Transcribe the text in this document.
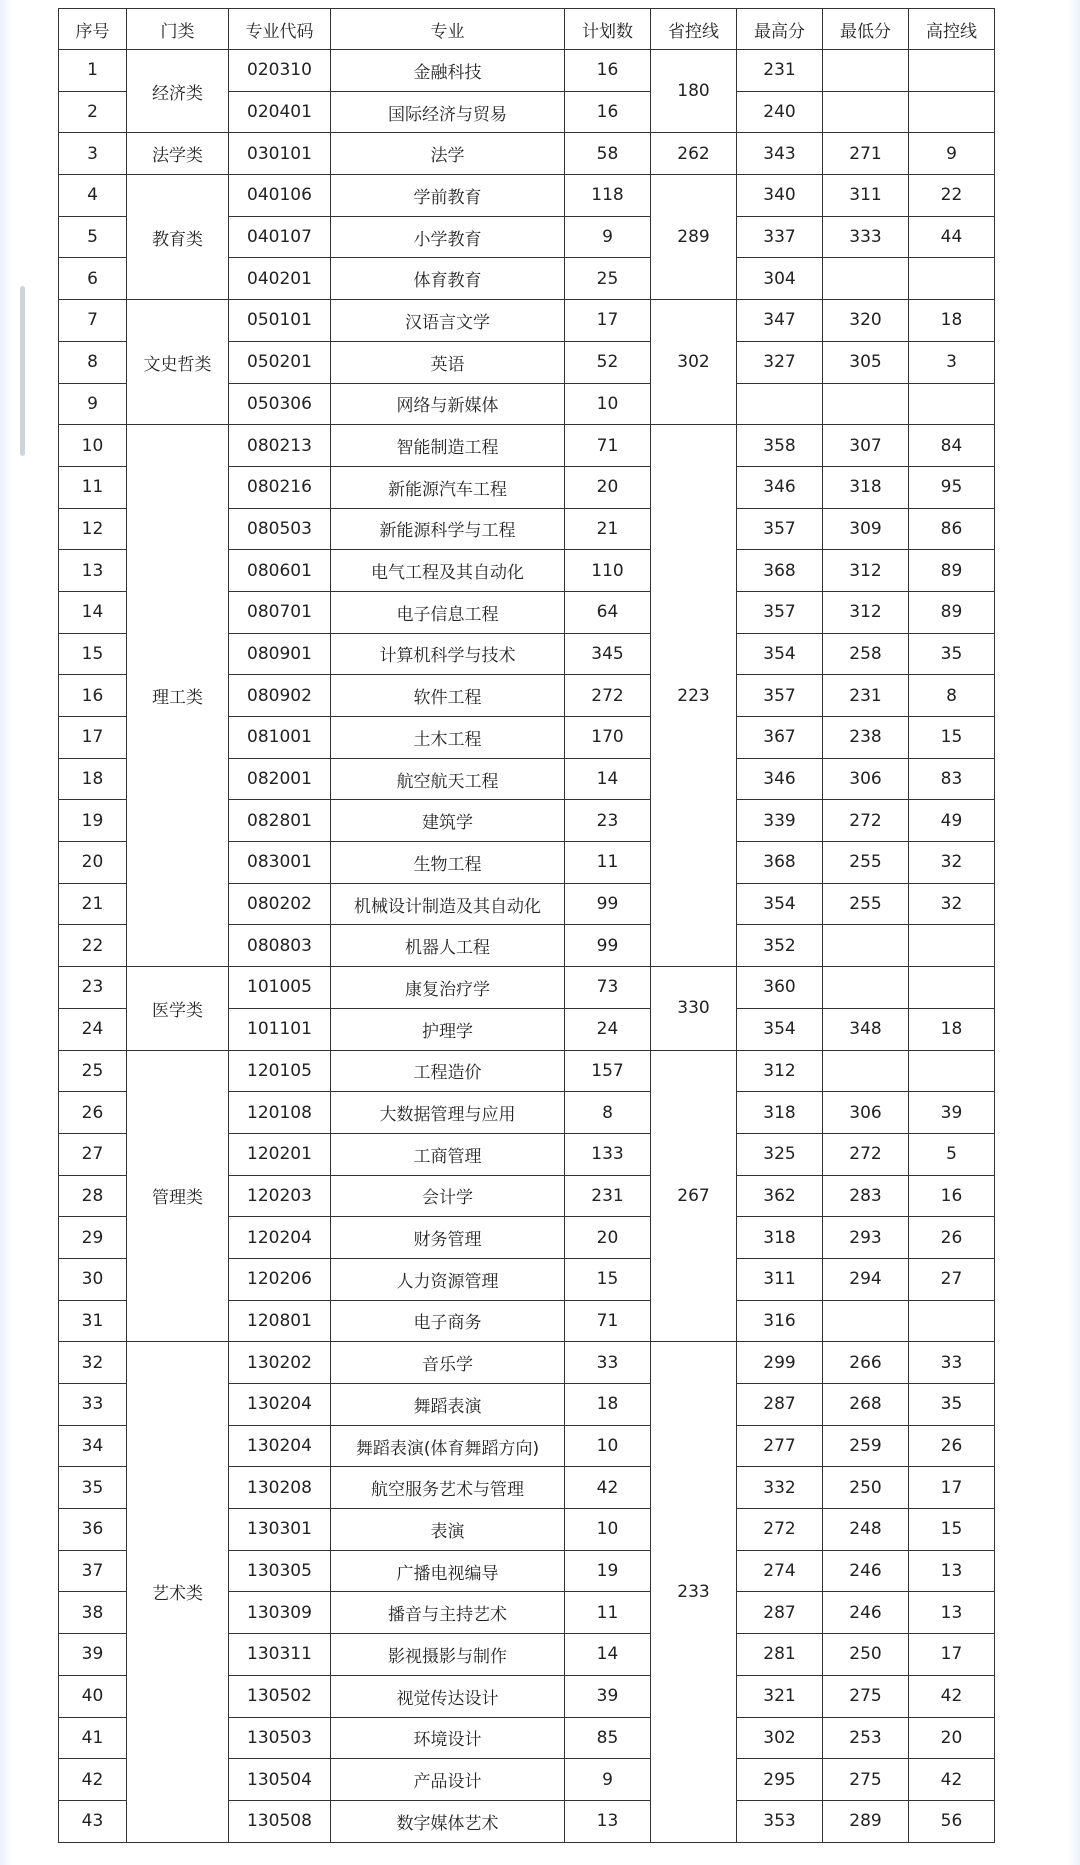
序号	门类	专业代码	专业	计划数	省控线	最高分	最低分	高控线
1	经济类	020310	金融科技	16	180	231		
2		020401	国际经济与贸易	16		240		
3	法学类	030101	法学	58	262	343	271	9
4	教育类	040106	学前教育	118	289	340	311	22
5		040107	小学教育	9		337	333	44
6		040201	体育教育	25		304		
7	文史哲类	050101	汉语言文学	17	302	347	320	18
8		050201	英语	52		327	305	3
9		050306	网络与新媒体	10				
10	理工类	080213	智能制造工程	71	223	358	307	84
11		080216	新能源汽车工程	20		346	318	95
12		080503	新能源科学与工程	21		357	309	86
13		080601	电气工程及其自动化	110		368	312	89
14		080701	电子信息工程	64		357	312	89
15		080901	计算机科学与技术	345		354	258	35
16		080902	软件工程	272		357	231	8
17		081001	土木工程	170		367	238	15
18		082001	航空航天工程	14		346	306	83
19		082801	建筑学	23		339	272	49
20		083001	生物工程	11		368	255	32
21		080202	机械设计制造及其自动化	99		354	255	32
22		080803	机器人工程	99		352		
23	医学类	101005	康复治疗学	73	330	360		
24		101101	护理学	24		354	348	18
25	管理类	120105	工程造价	157	267	312		
26		120108	大数据管理与应用	8		318	306	39
27		120201	工商管理	133		325	272	5
28		120203	会计学	231		362	283	16
29		120204	财务管理	20		318	293	26
30		120206	人力资源管理	15		311	294	27
31		120801	电子商务	71		316		
32	艺术类	130202	音乐学	33	233	299	266	33
33		130204	舞蹈表演	18		287	268	35
34		130204	舞蹈表演(体育舞蹈方向)	10		277	259	26
35		130208	航空服务艺术与管理	42		332	250	17
36		130301	表演	10		272	248	15
37		130305	广播电视编导	19		274	246	13
38		130309	播音与主持艺术	11		287	246	13
39		130311	影视摄影与制作	14		281	250	17
40		130502	视觉传达设计	39		321	275	42
41		130503	环境设计	85		302	253	20
42		130504	产品设计	9		295	275	42
43		130508	数字媒体艺术	13		353	289	56
